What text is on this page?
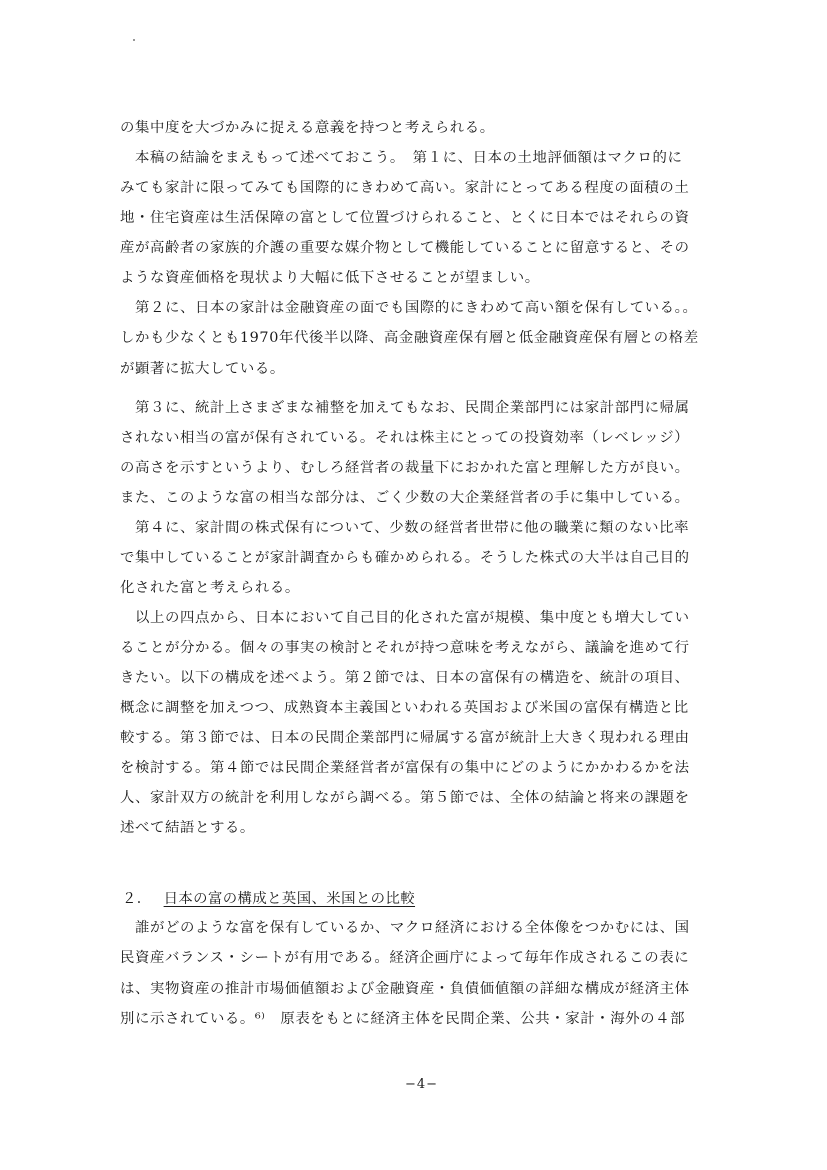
の集中度を大づかみに捉える意義を持つと考えられる。
本稿の結論をまえもって述べておこう。　第１に、日本の土地評価額はマクロ的に
みても家計に限ってみても国際的にきわめて高い。家計にとってある程度の面積の土
地・住宅資産は生活保障の富として位置づけられること、とくに日本ではそれらの資
産が高齢者の家族的介護の重要な媒介物として機能していることに留意すると、その
ような資産価格を現状より大幅に低下させることが望ましい。
第２に、日本の家計は金融資産の面でも国際的にきわめて高い額を保有している。。
しかも少なくとも1970年代後半以降、高金融資産保有層と低金融資産保有層との格差
が顕著に拡大している。
第３に、統計上さまざまな補整を加えてもなお、民間企業部門には家計部門に帰属
されない相当の富が保有されている。それは株主にとっての投資効率（レベレッジ）
の高さを示すというより、むしろ経営者の裁量下におかれた富と理解した方が良い。
また、このような富の相当な部分は、ごく少数の大企業経営者の手に集中している。
第４に、家計間の株式保有について、少数の経営者世帯に他の職業に類のない比率
で集中していることが家計調査からも確かめられる。そうした株式の大半は自己目的
化された富と考えられる。
以上の四点から、日本において自己目的化された富が規模、集中度とも増大してい
ることが分かる。個々の事実の検討とそれが持つ意味を考えながら、議論を進めて行
きたい。以下の構成を述べよう。第２節では、日本の富保有の構造を、統計の項目、
概念に調整を加えつつ、成熟資本主義国といわれる英国および米国の富保有構造と比
較する。第３節では、日本の民間企業部門に帰属する富が統計上大きく現われる理由
を検討する。第４節では民間企業経営者が富保有の集中にどのようにかかわるかを法
人、家計双方の統計を利用しながら調べる。第５節では、全体の結論と将来の課題を
述べて結語とする。
２． 日本の富の構成と英国、米国との比較
誰がどのような富を保有しているか、マクロ経済における全体像をつかむには、国
民資産バランス・シートが有用である。経済企画庁によって毎年作成されるこの表に
は、実物資産の推計市場価値額および金融資産・負債価値額の詳細な構成が経済主体
別に示されている。⁶⁾　原表をもとに経済主体を民間企業、公共・家計・海外の４部
−4−
